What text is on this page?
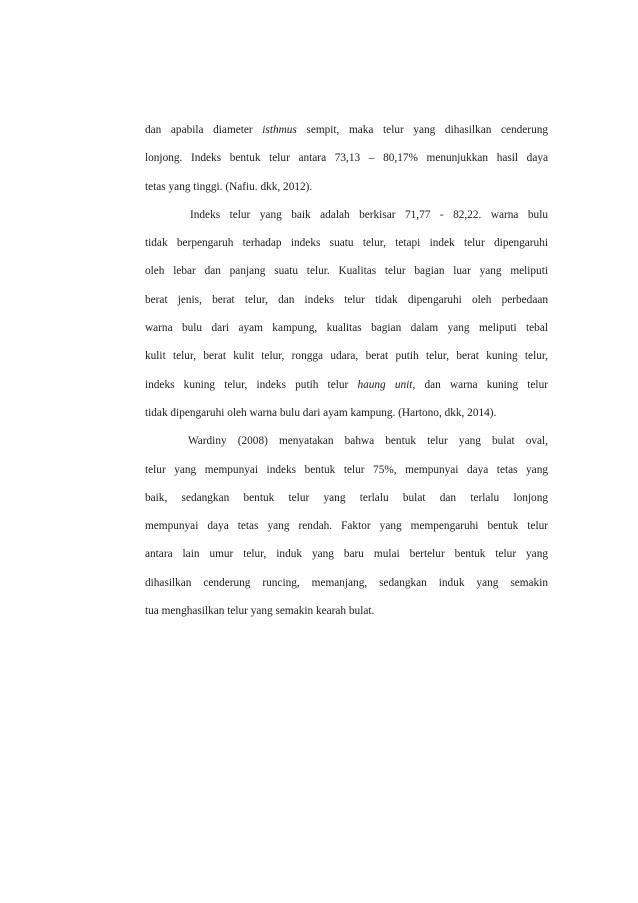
dan apabila diameter isthmus sempit, maka telur yang dihasilkan cenderung
lonjong. Indeks bentuk telur antara 73,13 – 80,17% menunjukkan hasil daya
tetas yang tinggi. (Nafiu. dkk, 2012).
Indeks telur yang baik adalah berkisar 71,77 - 82,22. warna bulu
tidak berpengaruh terhadap indeks suatu telur, tetapi indek telur dipengaruhi
oleh lebar dan panjang suatu telur. Kualitas telur bagian luar yang meliputi
berat jenis, berat telur, dan indeks telur tidak dipengaruhi oleh perbedaan
warna bulu dari ayam kampung, kualitas bagian dalam yang meliputi tebal
kulit telur, berat kulit telur, rongga udara, berat putih telur, berat kuning telur,
indeks kuning telur, indeks putih telur haung unit, dan warna kuning telur
tidak dipengaruhi oleh warna bulu dari ayam kampung. (Hartono, dkk, 2014).
Wardiny (2008) menyatakan bahwa bentuk telur yang bulat oval,
telur yang mempunyai indeks bentuk telur 75%, mempunyai daya tetas yang
baik, sedangkan bentuk telur yang terlalu bulat dan terlalu lonjong
mempunyai daya tetas yang rendah. Faktor yang mempengaruhi bentuk telur
antara lain umur telur, induk yang baru mulai bertelur bentuk telur yang
dihasilkan cenderung runcing, memanjang, sedangkan induk yang semakin
tua menghasilkan telur yang semakin kearah bulat.
